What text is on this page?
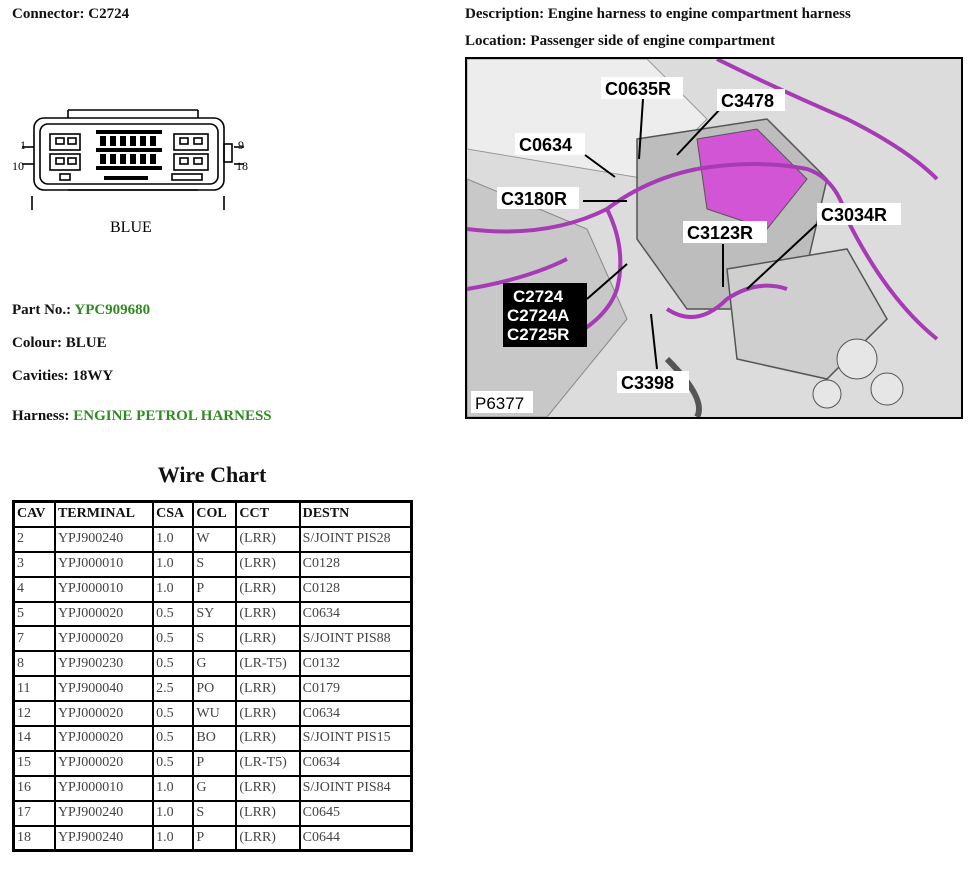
Connector: C2724	Description: Engine harness to engine compartment harness
Location: Passenger side of engine compartment
1	9
10	18
BLUE
Part No.: YPC909680
Colour: BLUE
Cavities: 18WY
Harness: ENGINE PETROL HARNESS
C0635R
C3478
C0634
C3180R
C3034R
C3123R
C3398
C2724
C2724A
C2725R
P6377
Wire Chart
CAV	TERMINAL	CSA	COL	CCT	DESTN
2	YPJ900240	1.0	W	(LRR)	S/JOINT PIS28
3	YPJ000010	1.0	S	(LRR)	C0128
4	YPJ000010	1.0	P	(LRR)	C0128
5	YPJ000020	0.5	SY	(LRR)	C0634
7	YPJ000020	0.5	S	(LRR)	S/JOINT PIS88
8	YPJ900230	0.5	G	(LR-T5)	C0132
11	YPJ900040	2.5	PO	(LRR)	C0179
12	YPJ000020	0.5	WU	(LRR)	C0634
14	YPJ000020	0.5	BO	(LRR)	S/JOINT PIS15
15	YPJ000020	0.5	P	(LR-T5)	C0634
16	YPJ000010	1.0	G	(LRR)	S/JOINT PIS84
17	YPJ900240	1.0	S	(LRR)	C0645
18	YPJ900240	1.0	P	(LRR)	C0644
